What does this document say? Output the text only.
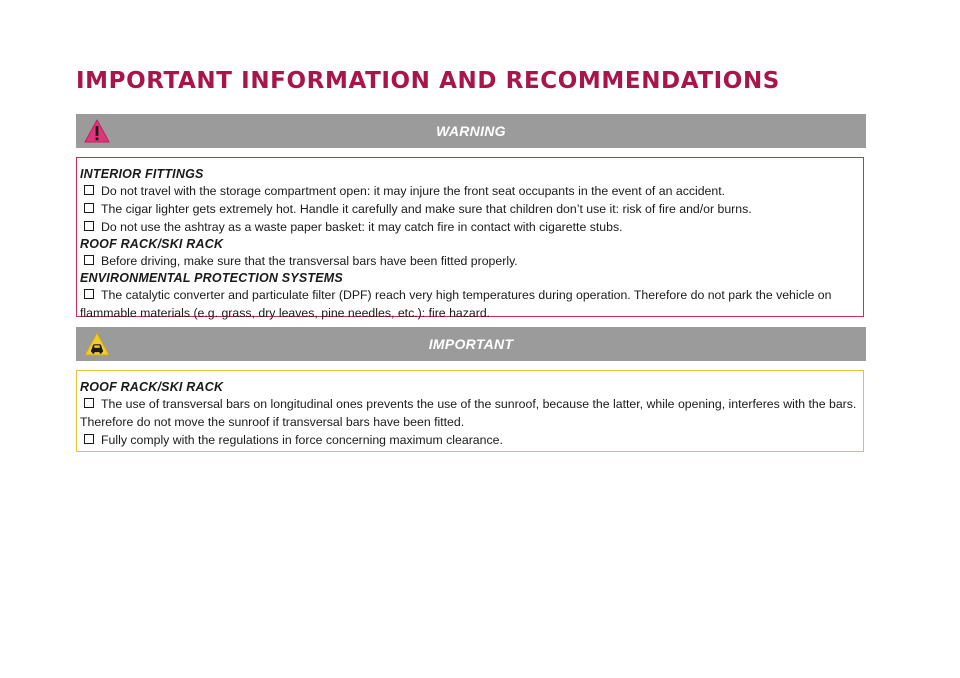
IMPORTANT INFORMATION AND RECOMMENDATIONS
WARNING
INTERIOR FITTINGS
Do not travel with the storage compartment open: it may injure the front seat occupants in the event of an accident.
The cigar lighter gets extremely hot. Handle it carefully and make sure that children don’t use it: risk of fire and/or burns.
Do not use the ashtray as a waste paper basket: it may catch fire in contact with cigarette stubs.
ROOF RACK/SKI RACK
Before driving, make sure that the transversal bars have been fitted properly.
ENVIRONMENTAL PROTECTION SYSTEMS
The catalytic converter and particulate filter (DPF) reach very high temperatures during operation. Therefore do not park the vehicle on flammable materials (e.g. grass, dry leaves, pine needles, etc.): fire hazard.
IMPORTANT
ROOF RACK/SKI RACK
The use of transversal bars on longitudinal ones prevents the use of the sunroof, because the latter, while opening, interferes with the bars. Therefore do not move the sunroof if transversal bars have been fitted.
Fully comply with the regulations in force concerning maximum clearance.
